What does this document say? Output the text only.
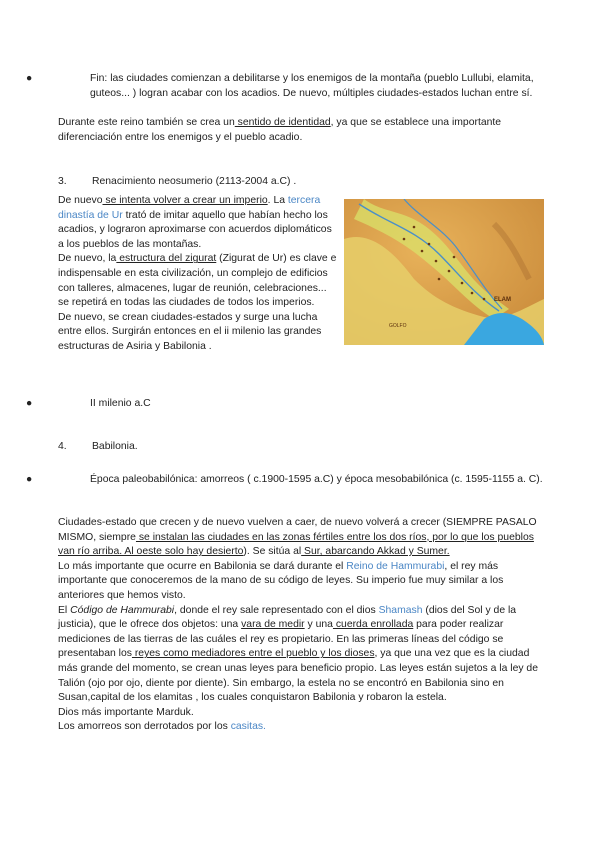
●	Fin: las ciudades comienzan a debilitarse y los enemigos de la montaña (pueblo Lullubi, elamita, guteos... ) logran acabar con los acadios. De nuevo, múltiples ciudades-estados luchan entre sí.

Durante este reino también se crea un sentido de identidad, ya que se establece una importante diferenciación entre los enemigos y el pueblo acadio.

3. Renacimiento neosumerio (2113-2004 a.C) .

De nuevo se intenta volver a crear un imperio. La tercera dinastía de Ur trató de imitar aquello que habían hecho los acadios, y lograron aproximarse con acuerdos diplomáticos a los pueblos de las montañas.

De nuevo, la estructura del zigurat (Zigurat de Ur) es clave e indispensable en esta civilización, un complejo de edificios con talleres, almacenes, lugar de reunión, celebraciones... se repetirá en todas las ciudades de todos los imperios.

De nuevo, se crean ciudades-estados y surge una lucha entre ellos. Surgirán entonces en el ii milenio las grandes estructuras de Asiria y Babilonia .

ELAM
GOLFO

●	II milenio a.C

4. Babilonia.

●	Época paleobabilónica: amorreos ( c.1900-1595 a.C) y época mesobabilónica (c. 1595-1155 a. C).

Ciudades-estado que crecen y de nuevo vuelven a caer, de nuevo volverá a crecer (SIEMPRE PASALO MISMO, siempre se instalan las ciudades en las zonas fértiles entre los dos ríos, por lo que los pueblos van río arriba. Al oeste solo hay desierto). Se sitúa al Sur, abarcando Akkad y Sumer.

Lo más importante que ocurre en Babilonia se dará durante el Reino de Hammurabi, el rey más importante que conoceremos de la mano de su código de leyes. Su imperio fue muy similar a los anteriores que hemos visto.

El Código de Hammurabi, donde el rey sale representado con el dios Shamash (dios del Sol y de la justicia), que le ofrece dos objetos: una vara de medir y una cuerda enrollada para poder realizar mediciones de las tierras de las cuáles el rey es propietario. En las primeras líneas del código se presentaban los reyes como mediadores entre el pueblo y los dioses, ya que una vez que es la ciudad más grande del momento, se crean unas leyes para beneficio propio. Las leyes están sujetos a la ley de Talión (ojo por ojo, diente por diente). Sin embargo, la estela no se encontró en Babilonia sino en Susan,capital de los elamitas , los cuales conquistaron Babilonia y robaron la estela.

Dios más importante Marduk.

Los amorreos son derrotados por los casitas.
